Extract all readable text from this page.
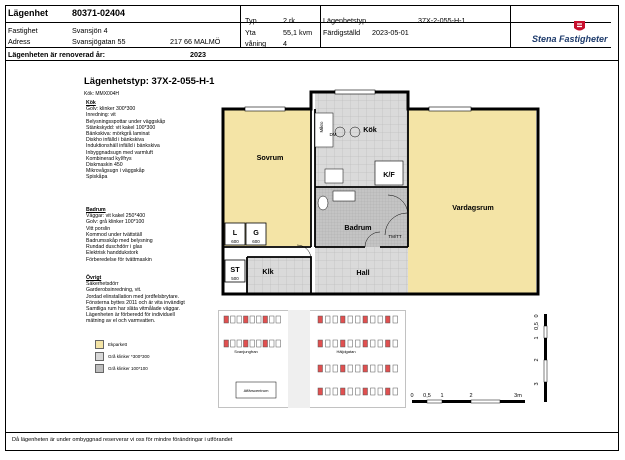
Lägenhet	80371-02404
Fastighet	Svansjön 4
Adress	Svansjögatan 55	217 66 MALMÖ
Lägenheten är renoverad år:	2023
Typ	2 rk
Yta	55,1 kvm
våning 4
Lägenhetstyp	37X-2-055-H-1
Färdigställd 2023-05-01
Stena Fastigheter
Lägenhetstyp: 37X-2-055-H-1
Kök: MMX004H
Kök
Golv: klinker 300*300
Inredning: vit
Belysningsspottar under väggskåp
Stänkskydd: vit kakel 100*300
Bänkskiva: mörkgrå laminat
Diskho infälld i bänkskiva
Induktionshäll infälld i bänkskiva
Inbyggnadsugn med varmluft
Kombinerad kyl/frys
Diskmaskin 450
Mikrovågsugn i väggskåp
Spiskåpa
Badrum
Väggar: vit kakel 250*400
Golv: grå klinker 100*100
Vitt porslin
Kommod under tvättställ
Badrumsskåp med belysning
Rundad duschdörr i glas
Elektrisk handdukstork
Förberedelse för tvättmaskin
Övrigt
Säkerhetsdörr
Garderobsinredning, vit.
Jordad elinstallation med jordfelsbrytare.
Fönsterna byttes 2011 och är vita invändigt
Samtliga rum har släta vitmålade väggar.
Lägenheten är förberedd för individuell
mätning av el och varmvatten.
Sovrum
Kök
Vardagsrum
Badrum
Hall
Klk
K/F
DM
Mikro
TM/TT
L
600
G
600
ST
500
Ekparkett
Grå klinker *300*300
Grå klinker 100*100
Svanjungfran	Häljdgatan
Affärscentrum
0 0,5 1	2	3m
0
0,5
1
2
3
Då lägenheten är under ombyggnad reserverar vi oss för mindre förändringar i utförandet
